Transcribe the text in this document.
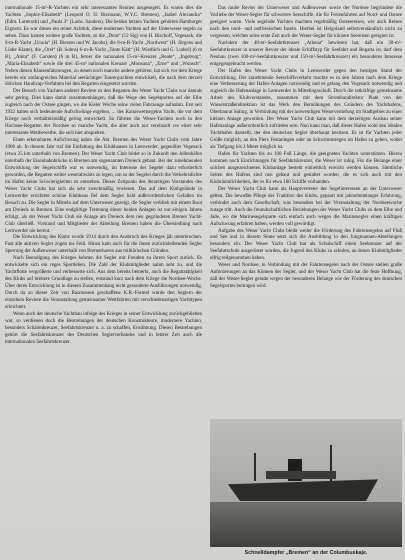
internationale 15-m²-R-Yachten ein sehr interessantes Rennen ausgesegelt. Es waren dies die Yachten „Sophie-Elisabeth“ (Leopold O. H. Biermann, W.Y.C. Bremen), „Isabel Alexandra“ (Edm. Lutteroth) und „Paula 3“ (Ludw. Sanders). Die beiden letzten Yachten gehörten Hamburger Eignern. Es war dieses ein reiner Achtluk, diese modernen Yachten auf der Unterweser segeln zu sehen. Dazu kamen weitere große Yachten, so die „Dora“ (12 Sig) von H. Bischoff, Vegesack, die 8-m-R-Yacht „Ursula“ (H. Biersen und W. Jacobs), die 8-m-R-Yacht „Nordwest“ (H. Jörgens und Lüder Klatte), die „Orel“ (B. Sohns) 6-m-R-Yacht „Tante Käti“ (H. Wiedlich und G. Luderl) (6 m R), „Anita“ (F. Corsten) (6 m R), ferner die nationalen 15-m²-Kreuzer „Beate“, „Ingeborg“, „Maria-Elisabeth“ sowie die drei 45-m² nationalen Kreuzer „Monsuna“, „Erne“ und „Wunsch“. Neben diesen Klassenfahrzeugen, zu denen noch manche andere gehören, hat sich vor dem Kriege bereits ein umfangreiches Material seetüchtiger Tourenyachten entwickelt, die nach dem derzeit üblichen Handicap-Verfahren bei den Regatten eingesetzt wurden.

Der Besuch von Yachten anderer Reviere zu den Regatten des Weser Yacht Clubs war damals sehr gering. Dies kann damit zusammenhängen, daß die Wege des Segelsportes auf der Elbe zugleich nach der Ostsee gingen, wo die Kieler Woche seine vielen Fahrzeuge aufnahm. Erst seit 1932 haben sich bedeutende Aufschwünge ergeben, ... des Kaiserwettsegelns Yacht, die vor dem Kriege noch verhältnismäßig gering entwickelt. So führten die Weser-Yachten noch in den Hochsee-Regatten der Nordsee so manche Yacht, die aber auch nur vereinzelt vor einer sehr interessante Wettbewerbe, die sich hier abspielten.

Einen erkennbaren Aufschwung nahm die Abt. Bremen des Weser Yacht Clubs vom Jahre 1906 ab. In diesem Jahr traf die Entfaltung des Klubhauses in Lemwerder, gegenüber Vegesack (etwa 25 km unterhalb von Bremen). Der Weser Yacht Club bildet so in Zukunft den Jollenhäfen unterhalb der Eisenbahnbrücke in Bremen am sogenannten Dreieck gebaut. Bei der zunehmenden Entwicklung der Segelschiffe war es notwendig, im Interesse der Segelei dazu erforderlich geworden, die Regatten weiter weserabwärts zu legen, um so der Segelei durch die Verkehrsdichte im Hafen keine Schwierigkeiten zu entstehen. Dieser Zeitpunkt des derzeitigen Vorstandes des Weser Yacht Clubs hat sich als sehr zweckmäßig erwiesen. Das auf dem Klubgelände in Lemwerder errichtete schöne Klubhaus fiel dem Segler bald außerordentlichen Gefallen im Besuch zu. Die Segler in Mitteln auf dem Unterweser gezeigt, die Segler verblieb mit einem Boot am Dreieck in Bremen. Eine endgültige Trennung dieser beiden Anlagen ist nur einigen Jahren erfolgt, als der Weser Yacht Club sie Anlage am Dreieck dem neu gegründeten Bremer Yacht-Club überließ. Vorstand und Mitglieder der Abteilung Bremen haben die Übersiedlung nach Lemwerder nie bereut.

Die Entwicklung des Klubs wurde 1914 durch den Ausbruch des Krieges jäh unterbrochen. Fast alle aktiven Segler zogen ins Feld. Hinzu kam auch für die ihnen zurückbleibenden Segler Sperrung der Außenweser unterhalb von Bremerhaven aus militärischen Gründen.

Nach Beendigung des Krieges kehrten die Segler mit Freuden zu ihrem Sport zurück. Es entwickelte sich ein reges Sportleben. Die Zahl der Klubmitglieder nahm sehr zu, und die Yachtflotte vergrößerte und verbesserte sich. Aus dem bereits bemerkt, auch die Regattatätigkeit des Klubs auf breitere Grundlage zu stellen, entstand kurz nach dem Kriege die Nordsee-Woche. Über deren Entwicklung ist in diesem Zusammenhang nicht gesonderte Ausführungen notwendig. Durch da zu dieser Zeit von Rasmussen geschaffene K.R.-Formel wurde den Seglern der einzelnen Reviere die Veranstaltung gemeinsamer Wettfahrten mit verschiedenartigen Yachttypen erleichtert.

Wenn auch der deutsche Yachtbau infolge des Krieges in seiner Entwicklung zurückgeblieben war, so verdienen doch die Bestrebungen der deutschen Konstrukteure, modernere Yachten, besonders Schärenkreuzer, Seefahrtskreuzer u. a. zu schaffen, Erwähnung. Diesen Bestrebungen gehört die Seefahrtskreuzer des Deutschen Seglerverbandes und in letzter Zeit auch die internationalen Seefahrtskreuzer.

Das rauhe Revier der Unterweser und Außenweser sowie der Nordsee begründete die Vorliebe der Weser-Segler für schwerere Seeschiffe, die für Ferienfahrten auf Nord- und Ostsee geeignet waren. Viele segelnde Yachten machten regelmäßig Ostseereisen, wie auch Reisen nach den nord- und ostfriesischen Inseln. Hierbei ist Helgoland selbstverständlich nicht zu vergessen, welches seine erste Zeit auch der Weser-Segler für kürzere Seereisen geeignet ist.

Nachdem der 40-m²-Seefahrtkreuzer „Athena“ bewiesen hat, daß ein 30-m²-Seefahrtkreuzer in unserer Revier der ideale Schiffstyp für Seefahrt und Regatta ist, darf dem Neubau (zwei 100-m²-Seefahrtkreuzer und 150-m²-Seefahrtkreuzer) ein besonderes Interesse entgegengebracht werden.

Der Hafen des Weser Yacht Clubs in Lemwerder gegen den heutigen Stand der Entwicklung. Der zunehmende Seeschiffsverkehr machte es in den Jahren nach dem Kriege eine Verbesserung der Hafen-Anlagen notwendig und es gelang den Vegesack notwendig und zugleich die Hafenanlage in Lemwerder in Mittelingsschuft. Durch die tatkräftige gemeinsame Arbeit des Klubvorstandes, zusammen mit dem Strombaudirektor Plate von der Wasserstraßendirektion ist das Werk den Bemühungen des Gründers des Yachthafens, Oberbaurat Suling, in Verbindung mit der notwendigen Weservertiefung im Stadtgebiet zu einer kleinen Anlage geworden. Der Weser Yacht Club kann mit dem derzeitigen Ausbau seiner Hafenanlage außerordentlich zufrieden sein. Nun kann man, daß dieser Hafen wohl den idealen Yachthafen darstellt, der den deutschen Segler überhaupt besitzen. Es ist für Yachten jeder Größe möglich, an den Piers Festanlegen oder an Schwimmstegen im Hafen zu gehen, wobei als Tiefgang bis 3 Meter möglich ist.

Hafen für Yachten bis zu 100 Fuß Länge, die geeigneten Yachten unterstützen. Hierzu kommen noch Einrichtungen für Seefahrtskreuzer, die Weser ist ruhig. Für die Belange einer solchen ausgezeichneten Klubanlage besteht einheitlich erreicht werden können. Sämtliche Seiten des Hafens sind neu gebaut und gestaltet worden, die es sich auch mit den Klubräumlichkeiten, der es für etwa 100 Schiffe vorhanden.

Der Weser Yacht Club kann als Hauptvertreter der Segelinteressen an der Unterweser gelten. Die bewußte Pflege der Tradition des Klubs, gepaart mit jahrzehntelanger Erfahrung, verbindet auch dem Gesellschaft, was besonders bei der Veranstaltung der Nordseewoche zutage tritt. Auch die freundschaftlichen Beziehungen der Weser Yacht Clubs zu dem Elbe und Jade, wo die Marinesegelsparte sich einfach auch wegen die Marinesegler einen kräftigen Aufschwung erfahren haben, werden voll gewürdigt.

Aufgabe des Weser Yacht Clubs bleibt weiter die Förderung des Fahrtensegelns auf Fluß und See und in diesem Sinne setzt sich die Ausbildung in den Jungmannen-Abteilungen besonders ein. Der Weser Yacht Club hat als Schulschiff einen Seekreuzer auf der Seefahrtschule ausgerüstet worden, die Jugend des Klubs zu schulen, an denen Klubmitglieder eifrig teilgenommen haben.

Weser und Nordsee, in Verbindung mit der Fahrtensegelei nach der Ostsee stellen große Anforderungen an das Können der Segler, und der Weser Yacht Club hat die feste Hoffnung, daß der Weser-Segler gerade wegen der besonderen Belange wie der Förderung des deutschen Segelsportes beitragen wird.

Schnelldampfer „Bremen“ an der Columbuskaje.
